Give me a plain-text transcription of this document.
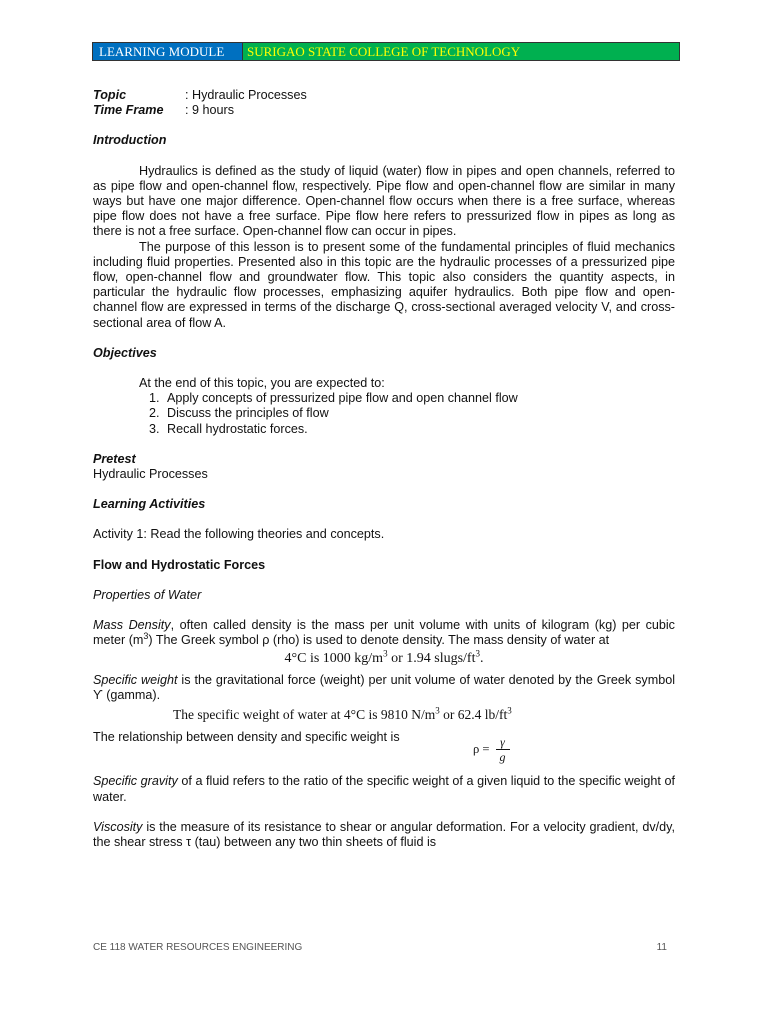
LEARNING MODULE	SURIGAO STATE COLLEGE OF TECHNOLOGY
Topic	: Hydraulic Processes
Time Frame	: 9 hours

Introduction

Hydraulics is defined as the study of liquid (water) flow in pipes and open channels, referred to as pipe flow and open-channel flow, respectively. Pipe flow and open-channel flow are similar in many ways but have one major difference. Open-channel flow occurs when there is a free surface, whereas pipe flow does not have a free surface. Pipe flow here refers to pressurized flow in pipes as long as there is not a free surface. Open-channel flow can occur in pipes.

The purpose of this lesson is to present some of the fundamental principles of fluid mechanics including fluid properties. Presented also in this topic are the hydraulic processes of a pressurized pipe flow, open-channel flow and groundwater flow. This topic also considers the quantity aspects, in particular the hydraulic flow processes, emphasizing aquifer hydraulics. Both pipe flow and open-channel flow are expressed in terms of the discharge Q, cross-sectional averaged velocity V, and cross-sectional area of flow A.

Objectives

At the end of this topic, you are expected to:
1. Apply concepts of pressurized pipe flow and open channel flow
2. Discuss the principles of flow
3. Recall hydrostatic forces.

Pretest

Hydraulic Processes

Learning Activities

Activity 1: Read the following theories and concepts.

Flow and Hydrostatic Forces

Properties of Water

Mass Density, often called density is the mass per unit volume with units of kilogram (kg) per cubic meter $(m^3)$ The Greek symbol ρ (rho) is used to denote density. The mass density of water at

4°C is 1000 $kg/m^3$ or 1.94 slugs/$ft^3$.

Specific weight is the gravitational force (weight) per unit volume of water denoted by the Greek symbol ϒ (gamma).

The specific weight of water at 4°C is 9810 $N/m^3$ or 62.4 $lb/ft^3$
The relationship between density and specific weight is
$\rho = \frac{\gamma}{g}$

Specific gravity of a fluid refers to the ratio of the specific weight of a given liquid to the specific weight of water.

Viscosity is the measure of its resistance to shear or angular deformation. For a velocity gradient, dv/dy, the shear stress τ (tau) between any two thin sheets of fluid is

CE 118 WATER RESOURCES ENGINEERING	11
